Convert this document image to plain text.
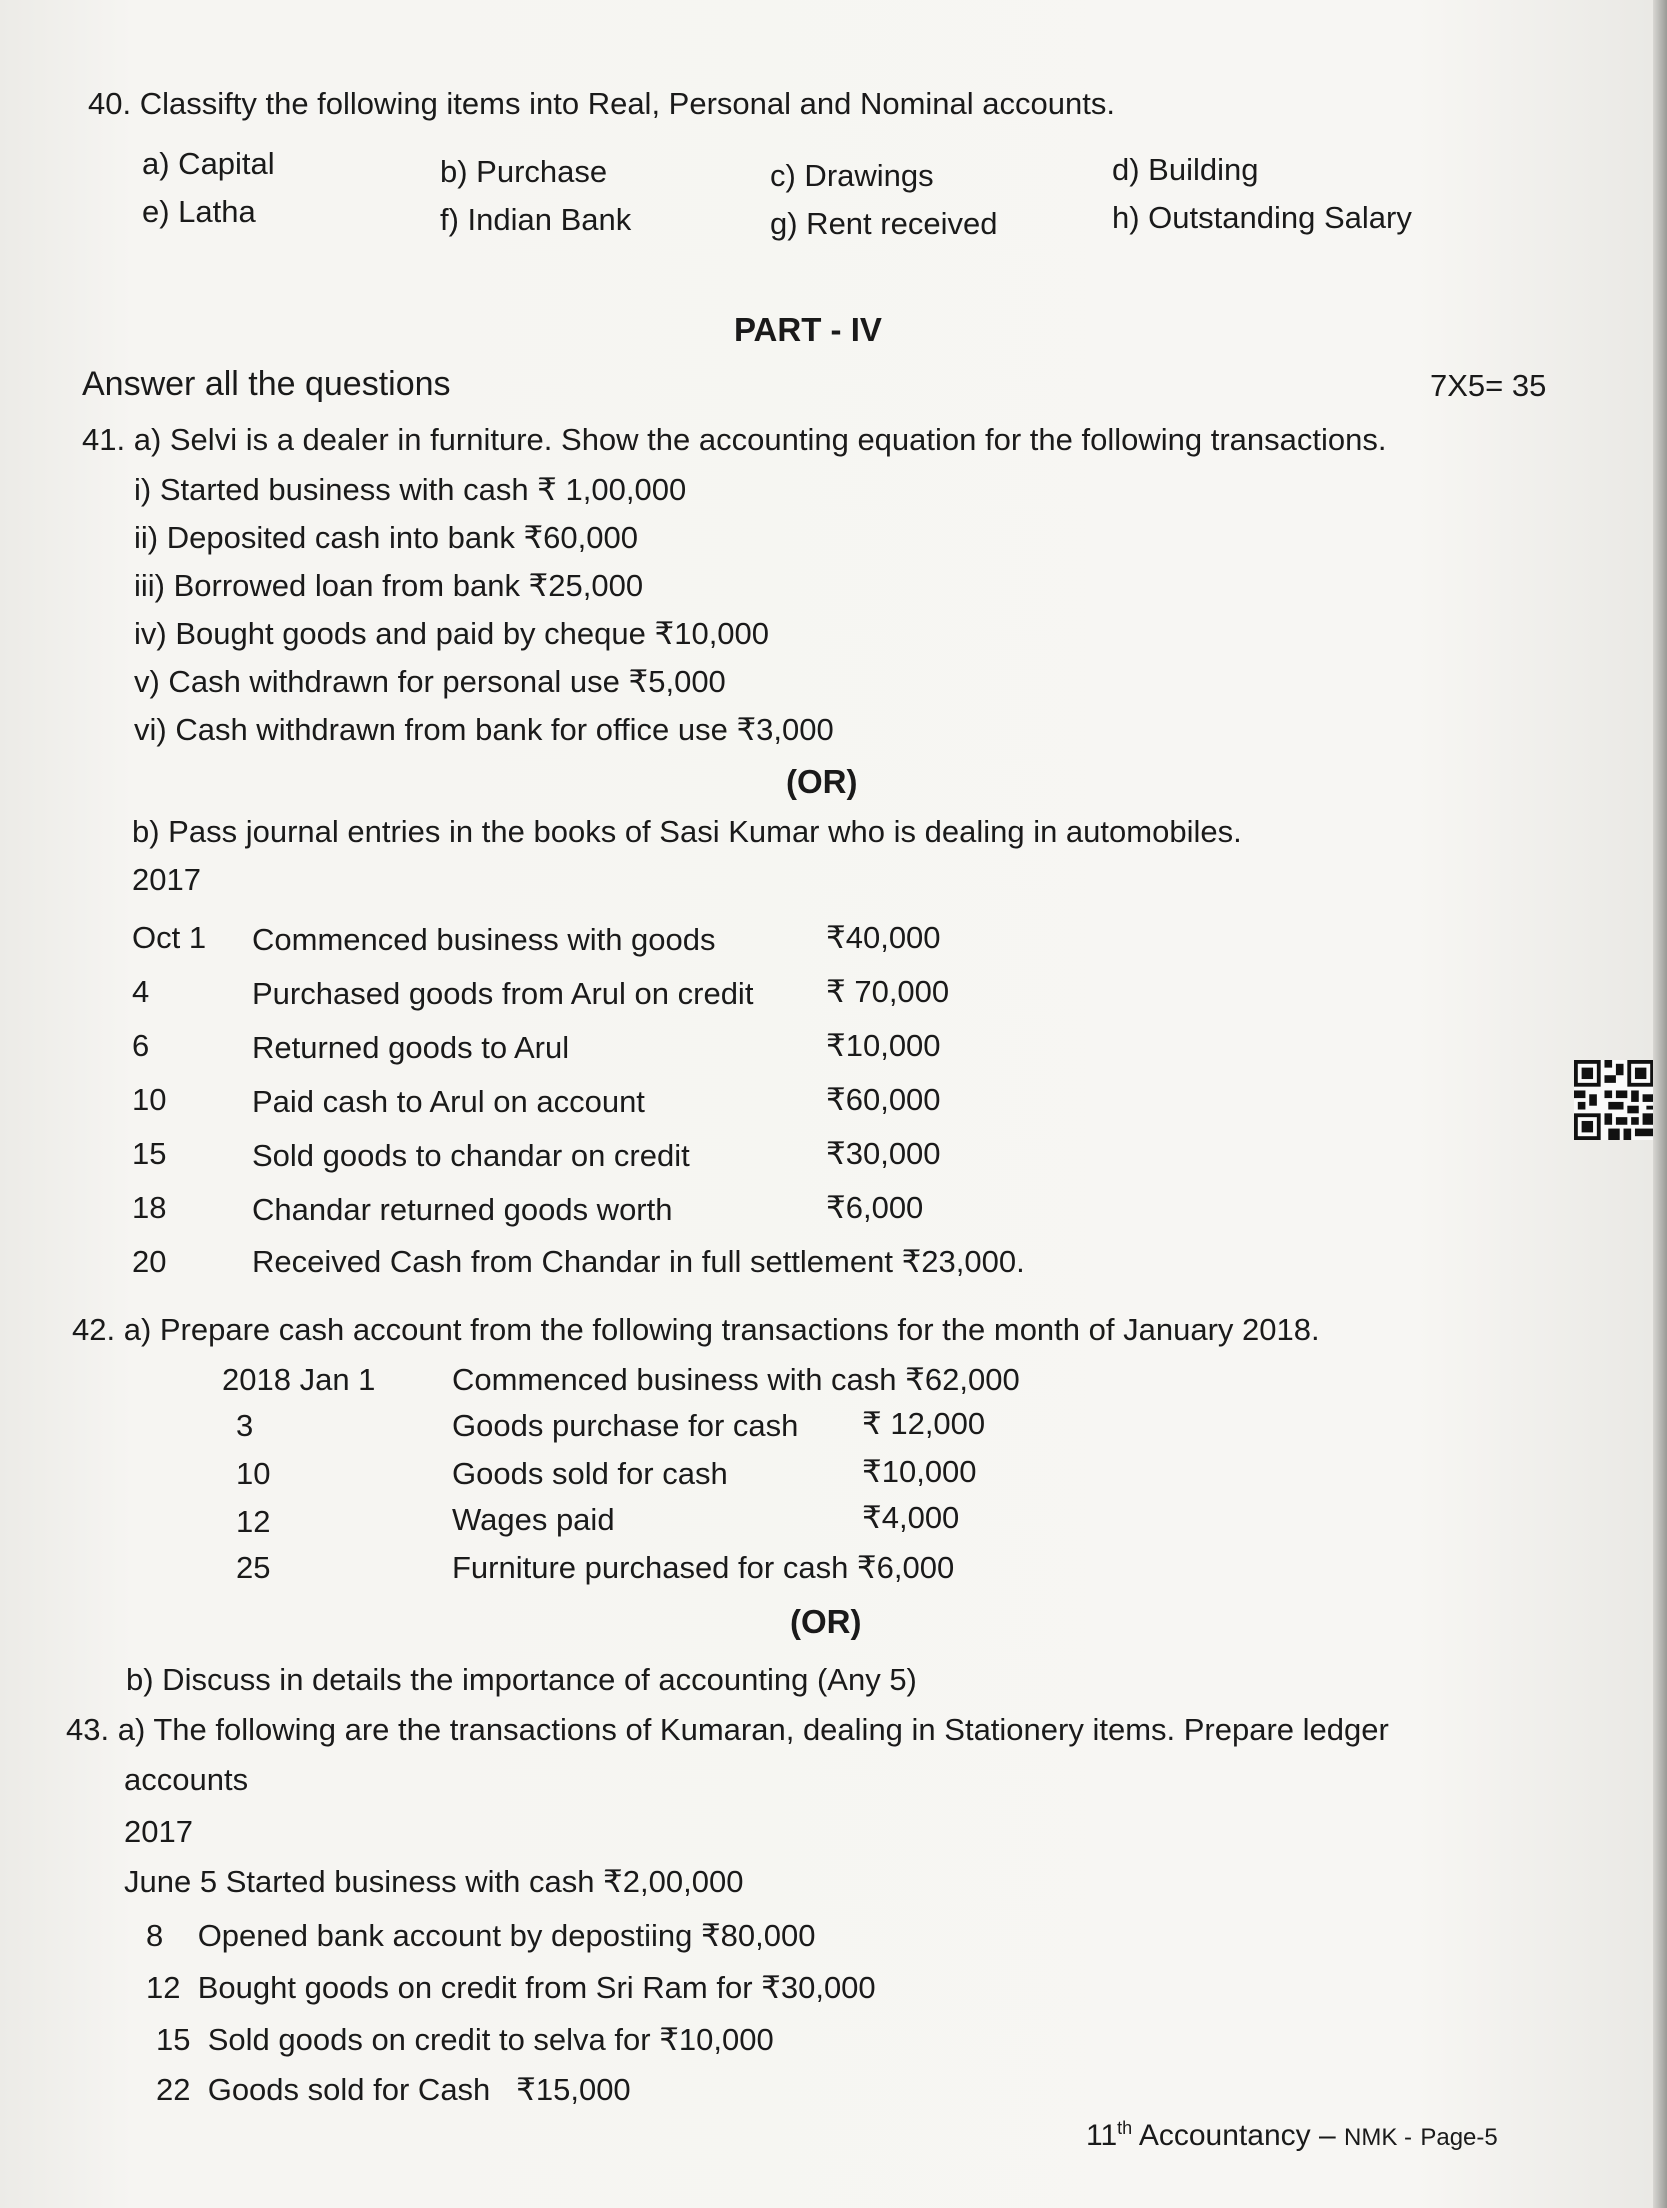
40. Classifty the following items into Real, Personal and Nominal accounts.
a) Capital	b) Purchase	c) Drawings	d) Building
e) Latha	f) Indian Bank	g) Rent received	h) Outstanding Salary
PART - IV
Answer all the questions	7X5= 35
41. a) Selvi is a dealer in furniture. Show the accounting equation for the following transactions.
i) Started business with cash ₹ 1,00,000
ii) Deposited cash into bank ₹60,000
iii) Borrowed loan from bank ₹25,000
iv) Bought goods and paid by cheque ₹10,000
v) Cash withdrawn for personal use ₹5,000
vi) Cash withdrawn from bank for office use ₹3,000
(OR)
b) Pass journal entries in the books of Sasi Kumar who is dealing in automobiles.
2017
Oct 1 Commenced business with goods	₹40,000
4	Purchased goods from Arul on credit ₹ 70,000
6	Returned goods to Arul	₹10,000
10	Paid cash to Arul on account	₹60,000
15	Sold goods to chandar on credit	₹30,000
18	Chandar returned goods worth	₹6,000
20	Received Cash from Chandar in full settlement ₹23,000.
42. a) Prepare cash account from the following transactions for the month of January 2018.
2018 Jan 1 Commenced business with cash ₹62,000
3	Goods purchase for cash ₹ 12,000
10	Goods sold for cash	₹10,000
12	Wages paid	₹4,000
25	Furniture purchased for cash ₹6,000
(OR)
b) Discuss in details the importance of accounting (Any 5)
43. a) The following are the transactions of Kumaran, dealing in Stationery items. Prepare ledger
accounts
2017
June 5 Started business with cash ₹2,00,000
8    Opened bank account by depostiing ₹80,000
12  Bought goods on credit from Sri Ram for ₹30,000
15  Sold goods on credit to selva for ₹10,000
22  Goods sold for Cash   ₹15,000
11th Accountancy – NMK - Page-5
